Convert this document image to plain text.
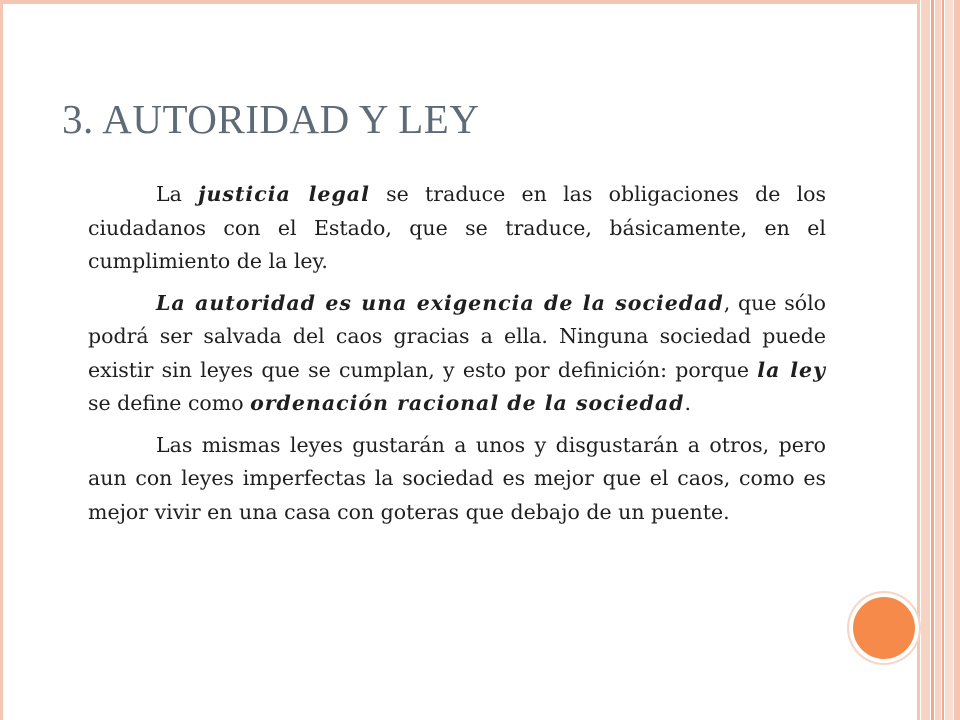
3. AUTORIDAD Y LEY

La justicia legal se traduce en las obligaciones de los ciudadanos con el Estado, que se traduce, básicamente, en el cumplimiento de la ley.

La autoridad es una exigencia de la sociedad, que sólo podrá ser salvada del caos gracias a ella. Ninguna sociedad puede existir sin leyes que se cumplan, y esto por definición: porque la ley se define como ordenación racional de la sociedad.

Las mismas leyes gustarán a unos y disgustarán a otros, pero aun con leyes imperfectas la sociedad es mejor que el caos, como es mejor vivir en una casa con goteras que debajo de un puente.
